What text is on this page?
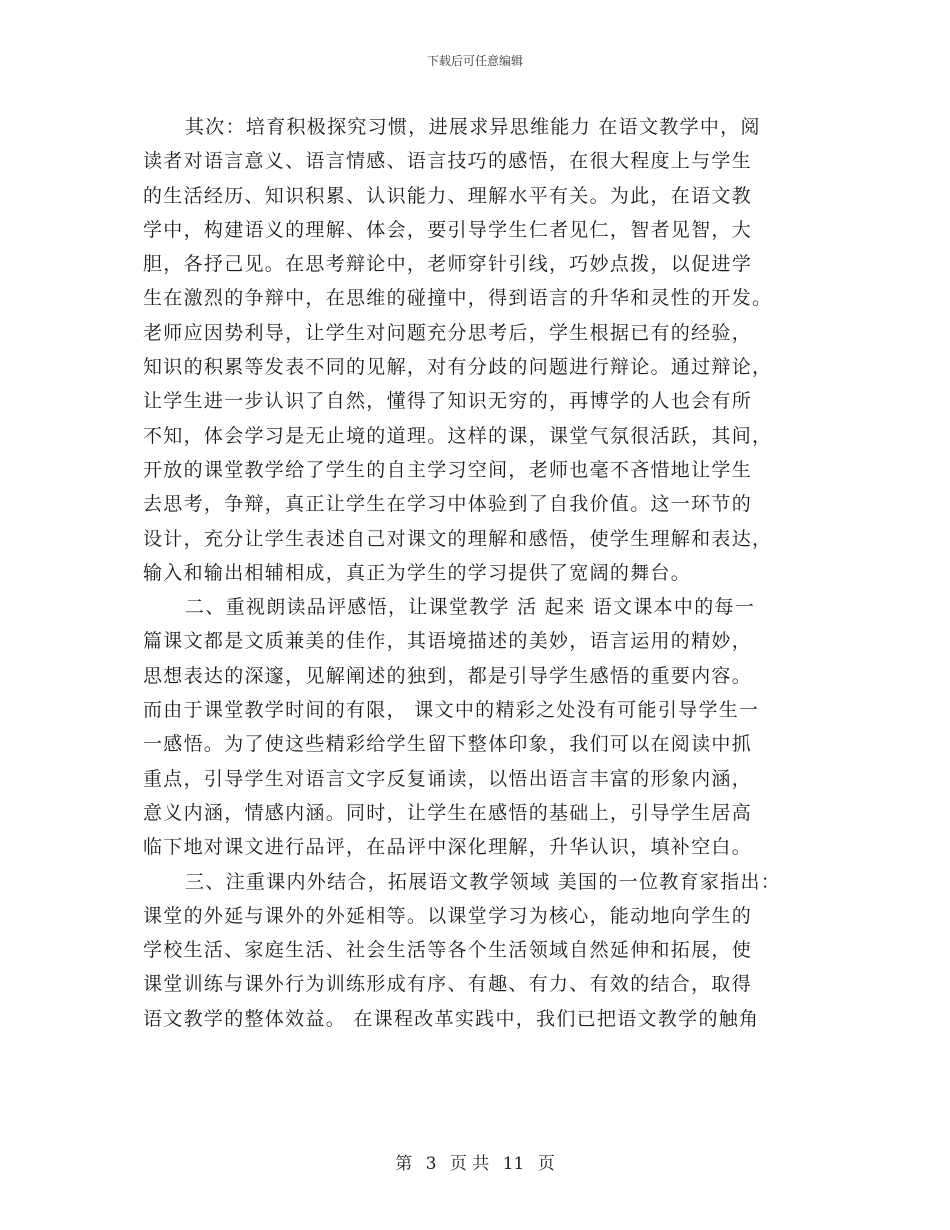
下载后可任意编辑
其次：培育积极探究习惯，进展求异思维能力 在语文教学中，阅
读者对语言意义、语言情感、语言技巧的感悟，在很大程度上与学生
的生活经历、知识积累、认识能力、理解水平有关。为此，在语文教
学中，构建语义的理解、体会，要引导学生仁者见仁，智者见智，大
胆，各抒己见。在思考辩论中，老师穿针引线，巧妙点拨，以促进学
生在激烈的争辩中，在思维的碰撞中，得到语言的升华和灵性的开发。
老师应因势利导，让学生对问题充分思考后，学生根据已有的经验，
知识的积累等发表不同的见解，对有分歧的问题进行辩论。通过辩论，
让学生进一步认识了自然，懂得了知识无穷的，再博学的人也会有所
不知，体会学习是无止境的道理。这样的课，课堂气氛很活跃，其间，
开放的课堂教学给了学生的自主学习空间，老师也毫不吝惜地让学生
去思考，争辩，真正让学生在学习中体验到了自我价值。这一环节的
设计，充分让学生表述自己对课文的理解和感悟，使学生理解和表达，
输入和输出相辅相成，真正为学生的学习提供了宽阔的舞台。
二、重视朗读品评感悟，让课堂教学 活 起来 语文课本中的每一
篇课文都是文质兼美的佳作，其语境描述的美妙，语言运用的精妙，
思想表达的深邃，见解阐述的独到，都是引导学生感悟的重要内容。
而由于课堂教学时间的有限， 课文中的精彩之处没有可能引导学生一
一感悟。为了使这些精彩给学生留下整体印象，我们可以在阅读中抓
重点，引导学生对语言文字反复诵读，以悟出语言丰富的形象内涵，
意义内涵，情感内涵。同时，让学生在感悟的基础上，引导学生居高
临下地对课文进行品评，在品评中深化理解，升华认识，填补空白。
三、注重课内外结合，拓展语文教学领域 美国的一位教育家指出：
课堂的外延与课外的外延相等。以课堂学习为核心，能动地向学生的
学校生活、家庭生活、社会生活等各个生活领域自然延伸和拓展，使
课堂训练与课外行为训练形成有序、有趣、有力、有效的结合，取得
语文教学的整体效益。 在课程改革实践中，我们已把语文教学的触角
第 3 页 共 11 页
